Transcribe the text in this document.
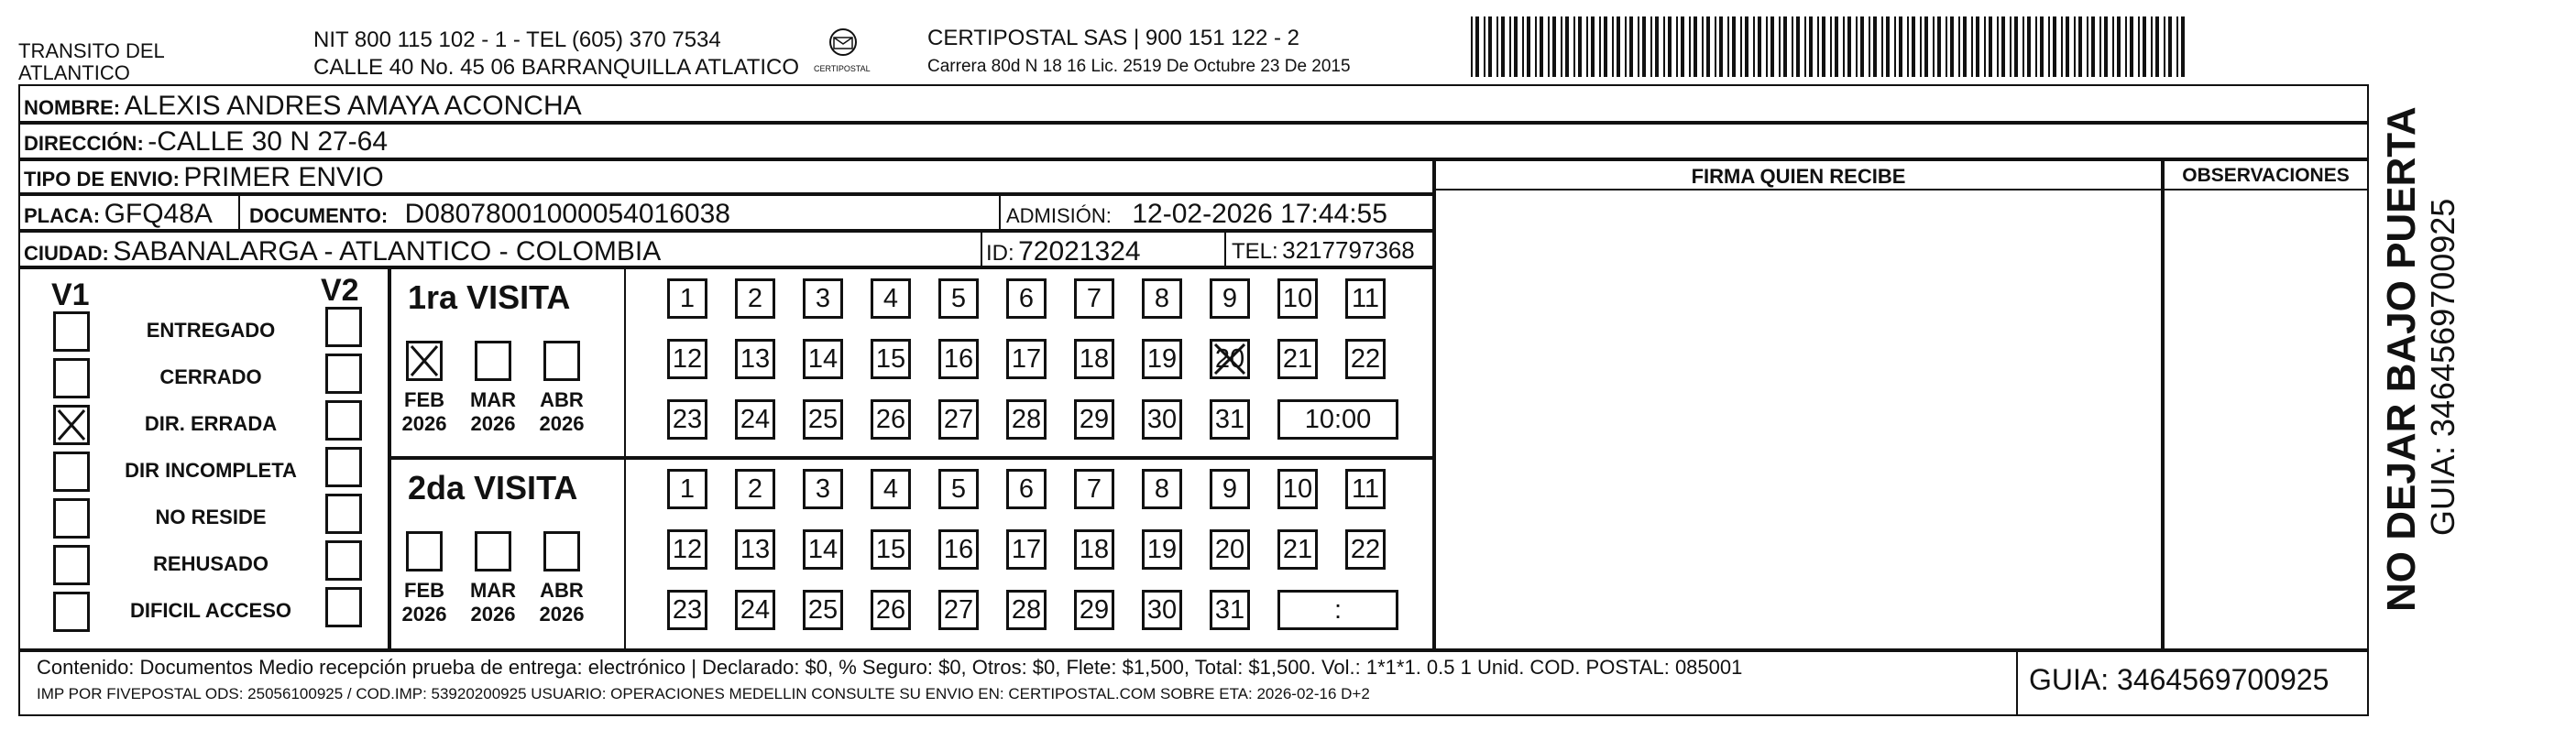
TRANSITO DEL
ATLANTICO
NIT 800 115 102 - 1 - TEL (605) 370 7534
CALLE 40 No. 45 06 BARRANQUILLA ATLATICO CERTIPOSTAL
CERTIPOSTAL SAS | 900 151 122 - 2
Carrera 80d N 18 16 Lic. 2519 De Octubre 23 De 2015
NOMBRE: ALEXIS ANDRES AMAYA ACONCHA
DIRECCIÓN: -CALLE 30 N 27-64
TIPO DE ENVIO: PRIMER ENVIO
PLACA: GFQ48A DOCUMENTO: D08078001000054016038	ADMISIÓN: 12-02-2026 17:44:55
CIUDAD: SABANALARGA - ATLANTICO - COLOMBIA	ID: 72021324	TEL: 3217797368
FIRMA QUIEN RECIBE	OBSERVACIONES
V1	V2
ENTREGADO
CERRADO
DIR. ERRADA
DIR INCOMPLETA
NO RESIDE
REHUSADO
DIFICIL ACCESO
1ra VISITA
2da VISITA
FEB
2026
MAR
2026
ABR
2026
1	2	3	4	5	6	7	8	9	10 11
12 13 14 15 16 17 18 19 20 21 22
23 24 25 26 27 28 29 30 31	10:00
FEB
2026
MAR
2026
ABR
2026
1	2	3	4	5	6	7	8	9	10 11
12 13 14 15 16 17 18 19 20 21 22
23 24 25 26 27 28 29 30 31	:
Contenido: Documentos Medio recepción prueba de entrega: electrónico | Declarado: $0, % Seguro: $0, Otros: $0, Flete: $1,500, Total: $1,500. Vol.: 1*1*1. 0.5 1 Unid. COD. POSTAL: 085001
IMP POR FIVEPOSTAL ODS: 25056100925 / COD.IMP: 53920200925 USUARIO: OPERACIONES MEDELLIN CONSULTE SU ENVIO EN: CERTIPOSTAL.COM SOBRE ETA: 2026-02-16 D+2	GUIA: 3464569700925
NO DEJAR BAJO PUERTA GUIA: 3464569700925
